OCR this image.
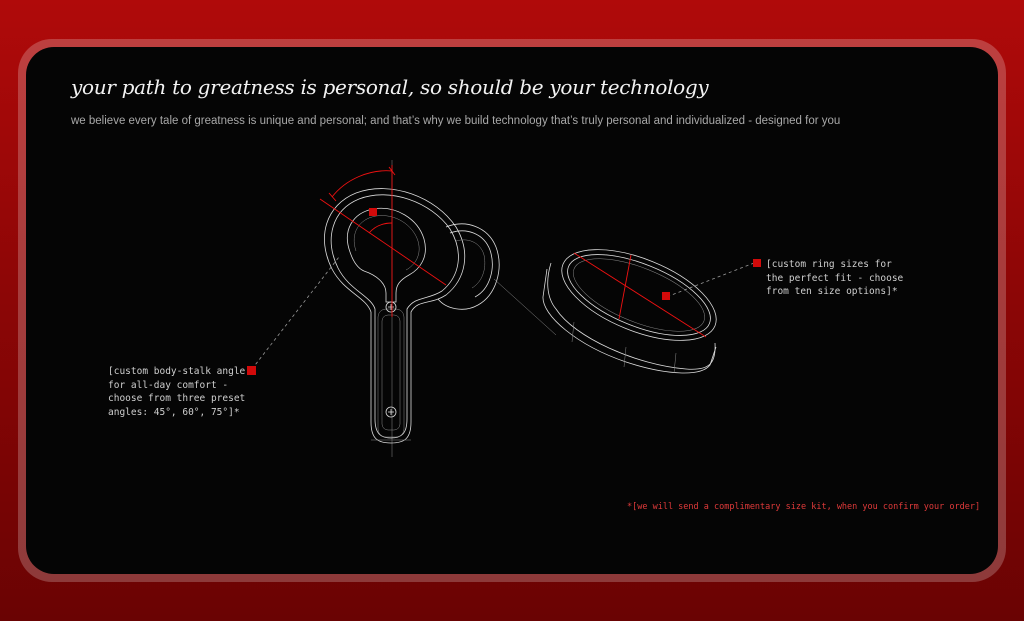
your path to greatness is personal, so should be your technology

we believe every tale of greatness is unique and personal; and that’s why we build technology that’s truly personal and individualized - designed for you

[custom body-stalk angle
for all-day comfort -
choose from three preset
angles: 45°, 60°, 75°]*
[custom ring sizes for
the perfect fit - choose
from ten size options]*
*[we will send a complimentary size kit, when you confirm your order]
